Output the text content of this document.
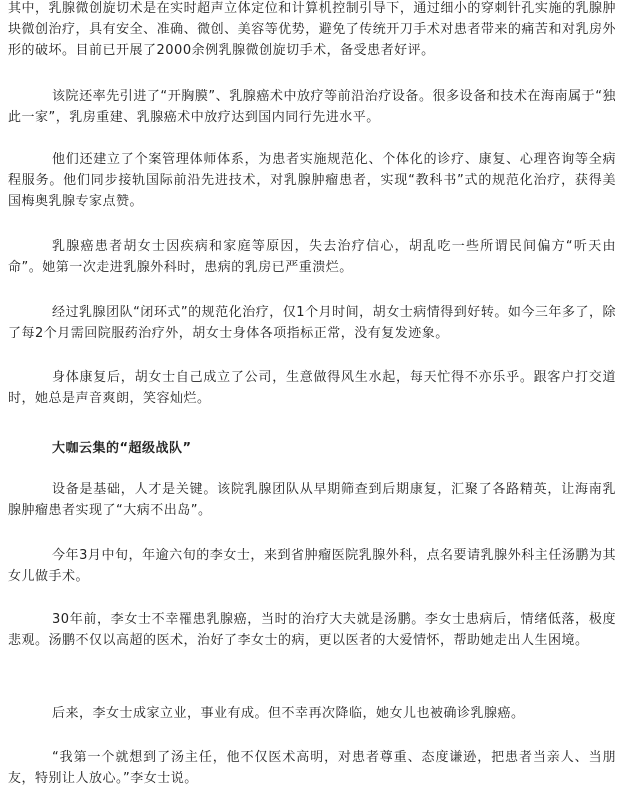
其中，乳腺微创旋切术是在实时超声立体定位和计算机控制引导下，通过细小的穿刺针孔实施的乳腺肿块微创治疗，具有安全、准确、微创、美容等优势，避免了传统开刀手术对患者带来的痛苦和对乳房外形的破坏。目前已开展了2000余例乳腺微创旋切手术，备受患者好评。

该院还率先引进了“开胸膜”、乳腺癌术中放疗等前沿治疗设备。很多设备和技术在海南属于“独此一家”，乳房重建、乳腺癌术中放疗达到国内同行先进水平。

他们还建立了个案管理体师体系，为患者实施规范化、个体化的诊疗、康复、心理咨询等全病程服务。他们同步接轨国际前沿先进技术，对乳腺肿瘤患者，实现“教科书”式的规范化治疗，获得美国梅奥乳腺专家点赞。

乳腺癌患者胡女士因疾病和家庭等原因，失去治疗信心，胡乱吃一些所谓民间偏方“听天由命”。她第一次走进乳腺外科时，患病的乳房已严重溃烂。

经过乳腺团队“闭环式”的规范化治疗，仅1个月时间，胡女士病情得到好转。如今三年多了，除了每2个月需回院服药治疗外，胡女士身体各项指标正常，没有复发迹象。

身体康复后，胡女士自己成立了公司，生意做得风生水起，每天忙得不亦乐乎。跟客户打交道时，她总是声音爽朗，笑容灿烂。

大咖云集的“超级战队”

设备是基础，人才是关键。该院乳腺团队从早期筛查到后期康复，汇聚了各路精英，让海南乳腺肿瘤患者实现了“大病不出岛”。

今年3月中旬，年逾六旬的李女士，来到省肿瘤医院乳腺外科，点名要请乳腺外科主任汤鹏为其女儿做手术。

30年前，李女士不幸罹患乳腺癌，当时的治疗大夫就是汤鹏。李女士患病后，情绪低落，极度悲观。汤鹏不仅以高超的医术，治好了李女士的病，更以医者的大爱情怀，帮助她走出人生困境。

后来，李女士成家立业，事业有成。但不幸再次降临，她女儿也被确诊乳腺癌。

“我第一个就想到了汤主任，他不仅医术高明，对患者尊重、态度谦逊，把患者当亲人、当朋友，特别让人放心。”李女士说。
